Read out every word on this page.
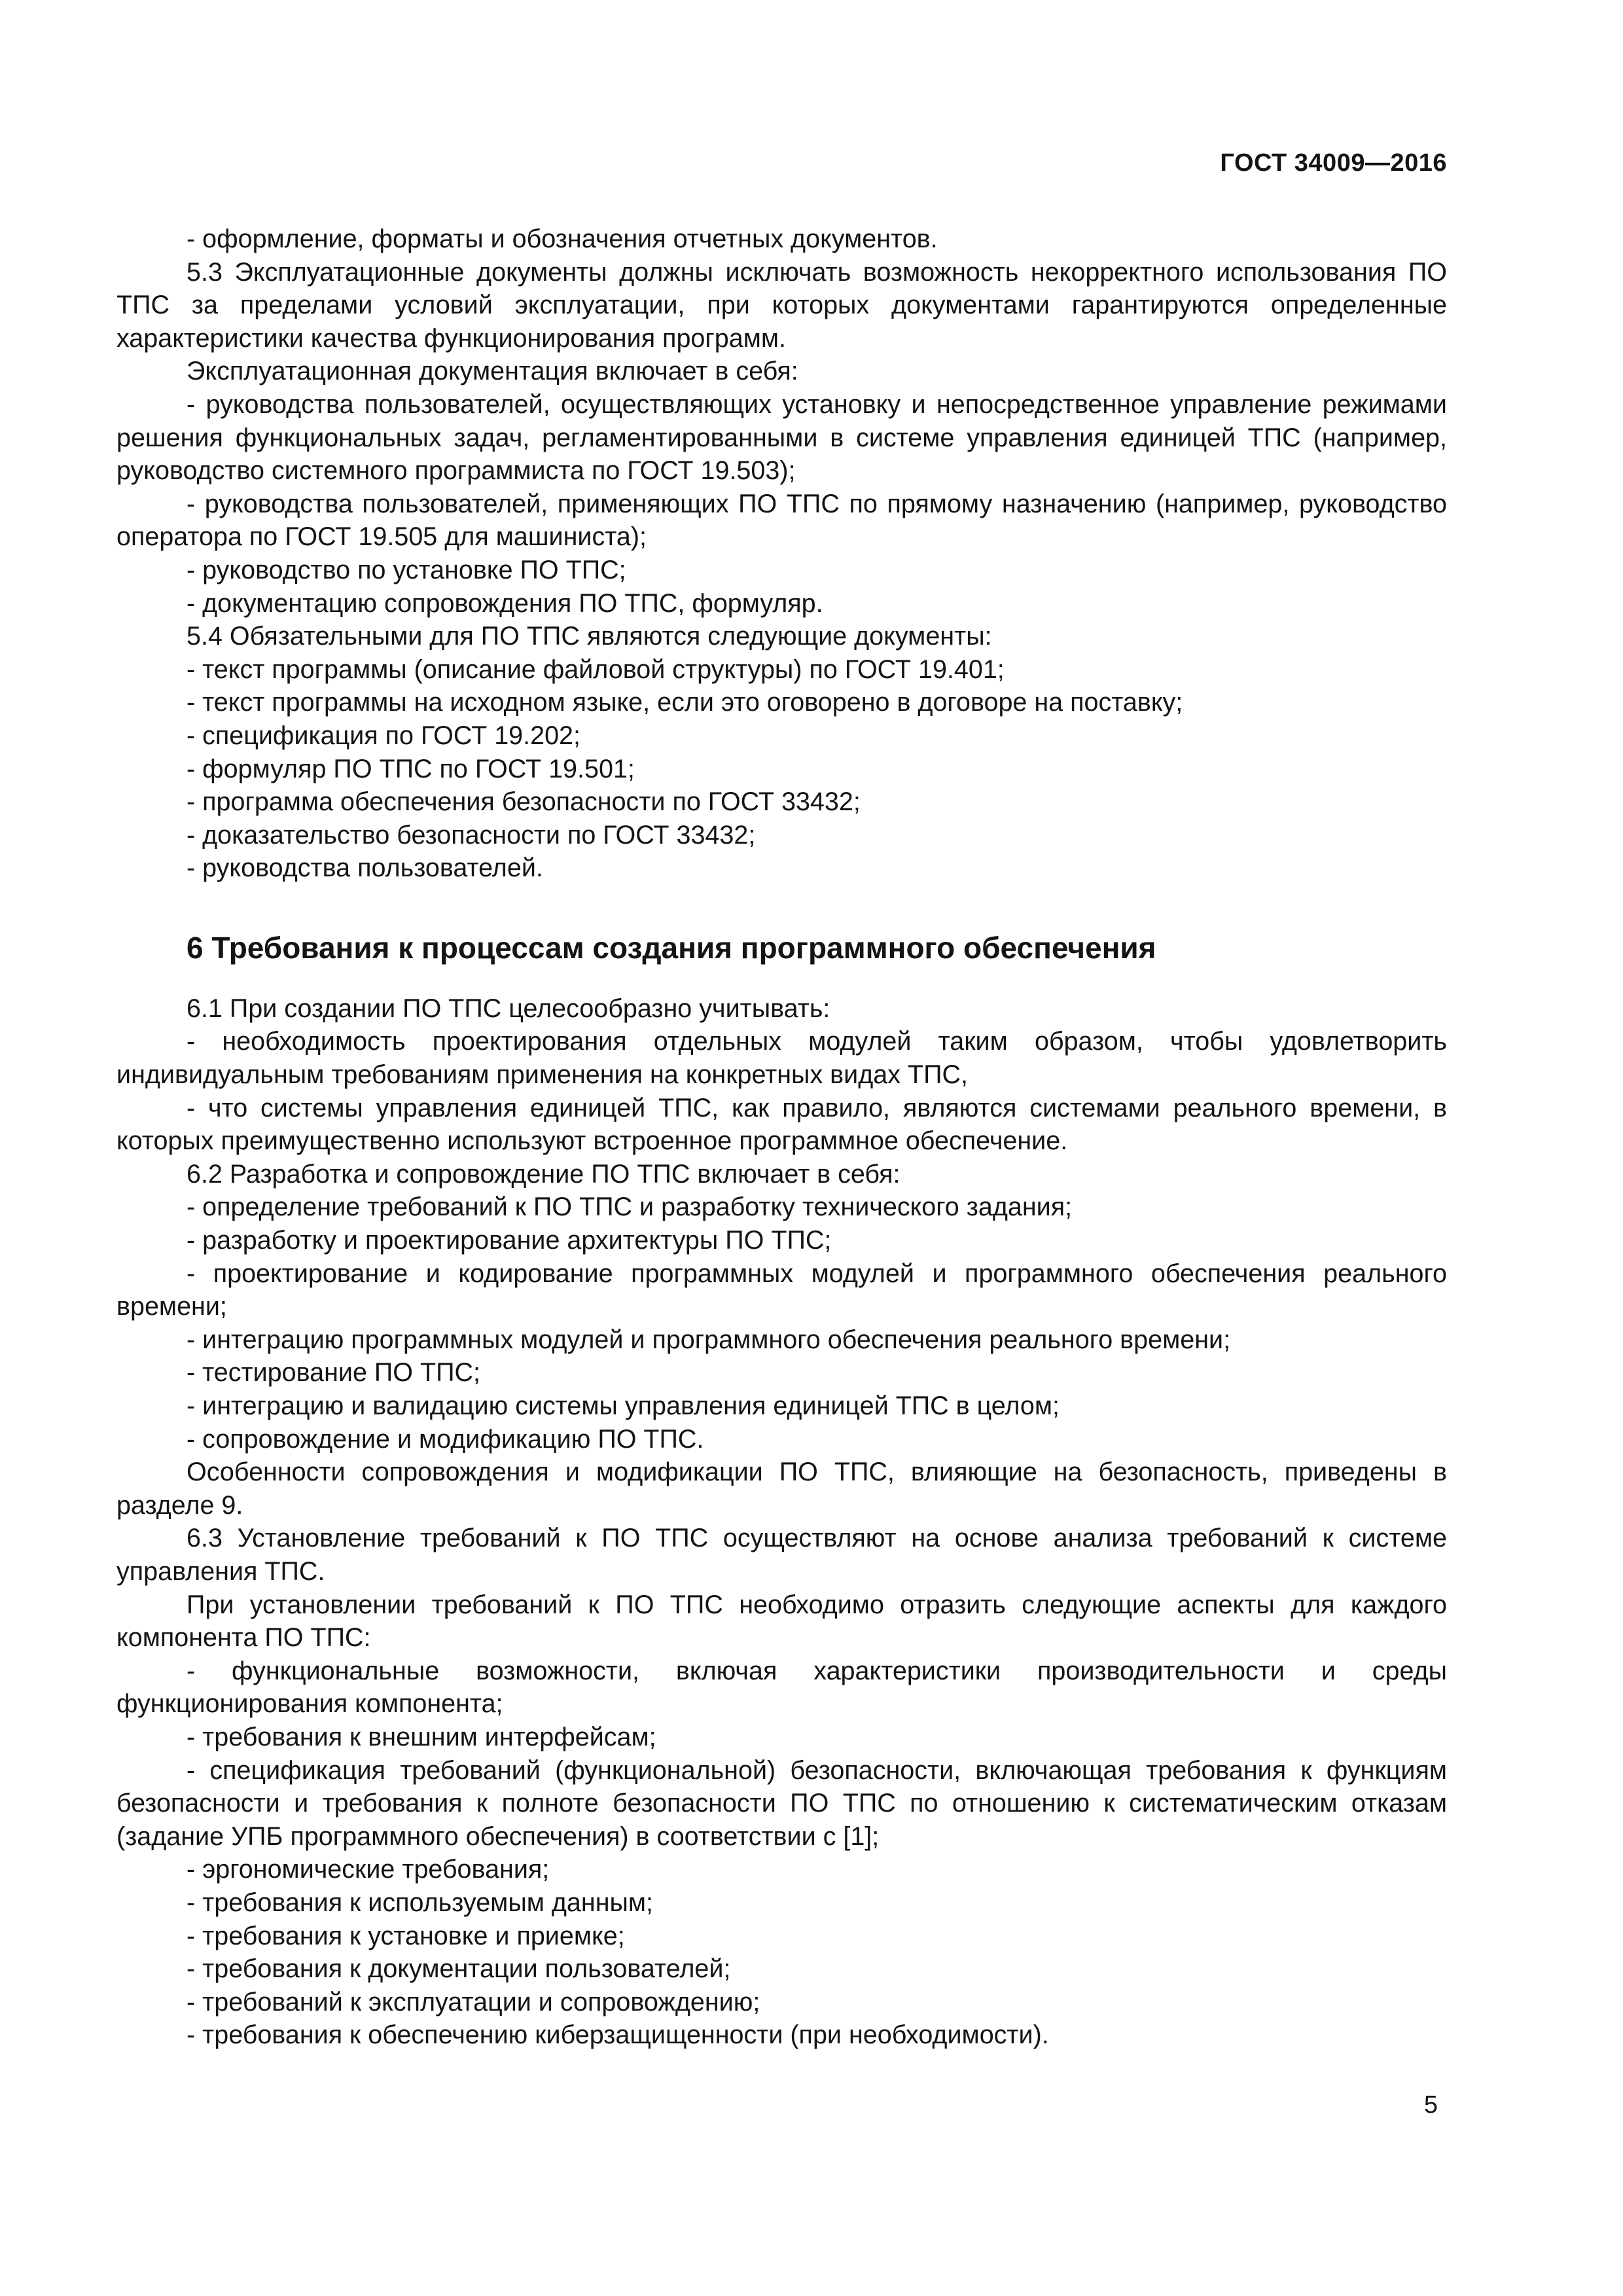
ГОСТ 34009—2016

- оформление, форматы и обозначения отчетных документов.

5.3 Эксплуатационные документы должны исключать возможность некорректного использования ПО ТПС за пределами условий эксплуатации, при которых документами гарантируются определенные характеристики качества функционирования программ.

Эксплуатационная документация включает в себя:

- руководства пользователей, осуществляющих установку и непосредственное управление режимами решения функциональных задач, регламентированными в системе управления единицей ТПС (например, руководство системного программиста по ГОСТ 19.503);

- руководства пользователей, применяющих ПО ТПС по прямому назначению (например, руководство оператора по ГОСТ 19.505 для машиниста);

- руководство по установке ПО ТПС;

- документацию сопровождения ПО ТПС, формуляр.

5.4 Обязательными для ПО ТПС являются следующие документы:

- текст программы (описание файловой структуры) по ГОСТ 19.401;

- текст программы на исходном языке, если это оговорено в договоре на поставку;

- спецификация по ГОСТ 19.202;

- формуляр ПО ТПС по ГОСТ 19.501;

- программа обеспечения безопасности по ГОСТ 33432;

- доказательство безопасности по ГОСТ 33432;

- руководства пользователей.

6 Требования к процессам создания программного обеспечения

6.1 При создании ПО ТПС целесообразно учитывать:

- необходимость проектирования отдельных модулей таким образом, чтобы удовлетворить индивидуальным требованиям применения на конкретных видах ТПС,

- что системы управления единицей ТПС, как правило, являются системами реального времени, в которых преимущественно используют встроенное программное обеспечение.

6.2 Разработка и сопровождение ПО ТПС включает в себя:

- определение требований к ПО ТПС и разработку технического задания;

- разработку и проектирование архитектуры ПО ТПС;

- проектирование и кодирование программных модулей и программного обеспечения реального времени;

- интеграцию программных модулей и программного обеспечения реального времени;

- тестирование ПО ТПС;

- интеграцию и валидацию системы управления единицей ТПС в целом;

- сопровождение и модификацию ПО ТПС.

Особенности сопровождения и модификации ПО ТПС, влияющие на безопасность, приведены в разделе 9.

6.3 Установление требований к ПО ТПС осуществляют на основе анализа требований к системе управления ТПС.

При установлении требований к ПО ТПС необходимо отразить следующие аспекты для каждого компонента ПО ТПС:

- функциональные возможности, включая характеристики производительности и среды функционирования компонента;

- требования к внешним интерфейсам;

- спецификация требований (функциональной) безопасности, включающая требования к функциям безопасности и требования к полноте безопасности ПО ТПС по отношению к систематическим отказам (задание УПБ программного обеспечения) в соответствии с [1];

- эргономические требования;

- требования к используемым данным;

- требования к установке и приемке;

- требования к документации пользователей;

- требований к эксплуатации и сопровождению;

- требования к обеспечению киберзащищенности (при необходимости).

5
